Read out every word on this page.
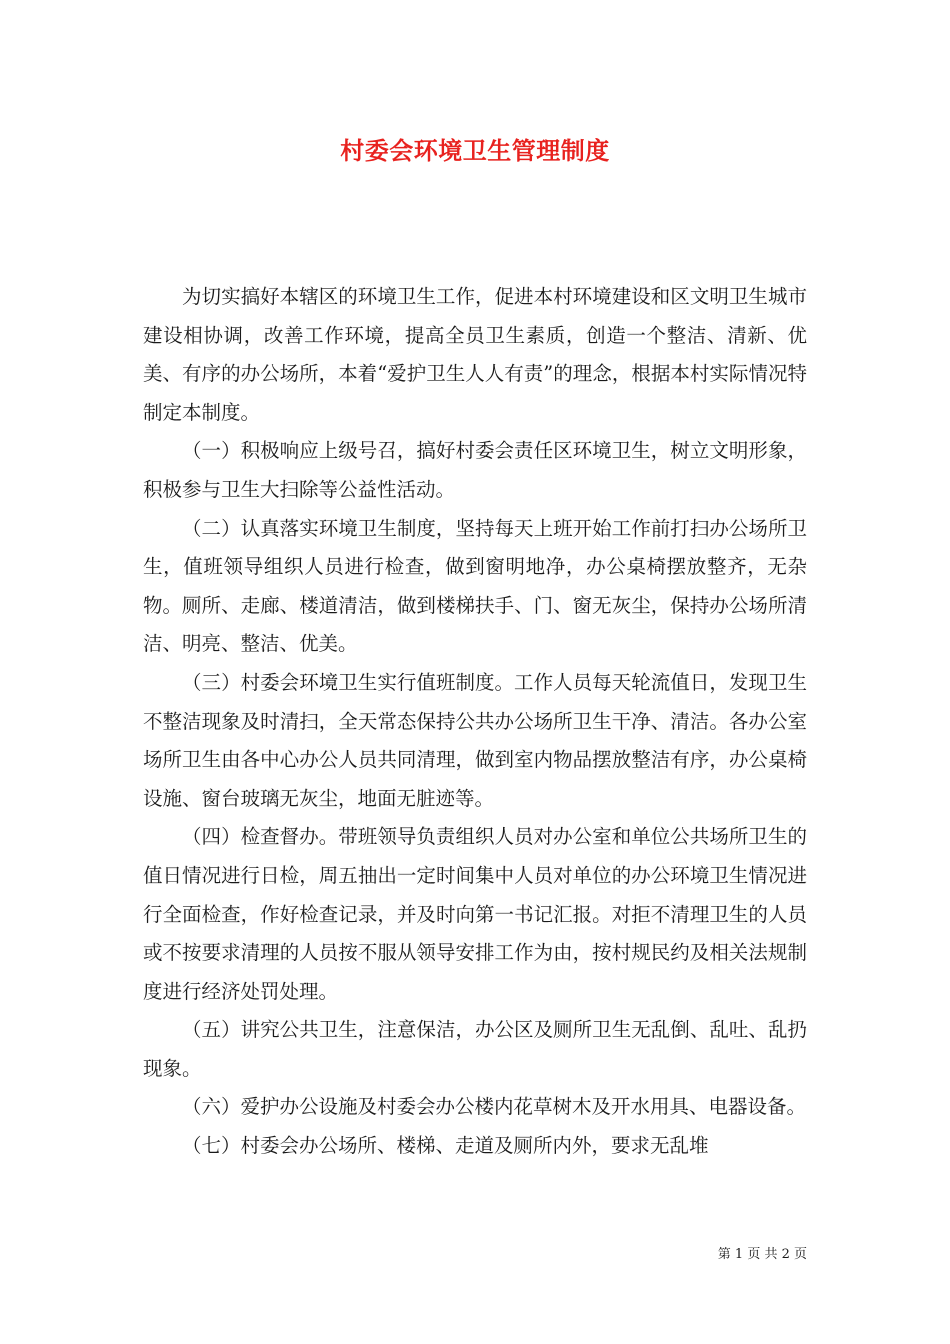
村委会环境卫生管理制度

为切实搞好本辖区的环境卫生工作，促进本村环境建设和区文明卫生城市建设相协调，改善工作环境，提高全员卫生素质，创造一个整洁、清新、优美、有序的办公场所，本着“爱护卫生人人有责”的理念，根据本村实际情况特制定本制度。

（一）积极响应上级号召，搞好村委会责任区环境卫生，树立文明形象，积极参与卫生大扫除等公益性活动。

（二）认真落实环境卫生制度，坚持每天上班开始工作前打扫办公场所卫生，值班领导组织人员进行检查，做到窗明地净，办公桌椅摆放整齐，无杂物。厕所、走廊、楼道清洁，做到楼梯扶手、门、窗无灰尘，保持办公场所清洁、明亮、整洁、优美。

（三）村委会环境卫生实行值班制度。工作人员每天轮流值日，发现卫生不整洁现象及时清扫，全天常态保持公共办公场所卫生干净、清洁。各办公室场所卫生由各中心办公人员共同清理，做到室内物品摆放整洁有序，办公桌椅设施、窗台玻璃无灰尘，地面无脏迹等。

（四）检查督办。带班领导负责组织人员对办公室和单位公共场所卫生的值日情况进行日检，周五抽出一定时间集中人员对单位的办公环境卫生情况进行全面检查，作好检查记录，并及时向第一书记汇报。对拒不清理卫生的人员或不按要求清理的人员按不服从领导安排工作为由，按村规民约及相关法规制度进行经济处罚处理。

（五）讲究公共卫生，注意保洁，办公区及厕所卫生无乱倒、乱吐、乱扔现象。

（六）爱护办公设施及村委会办公楼内花草树木及开水用具、电器设备。

（七）村委会办公场所、楼梯、走道及厕所内外，要求无乱堆

第 1 页 共 2 页
